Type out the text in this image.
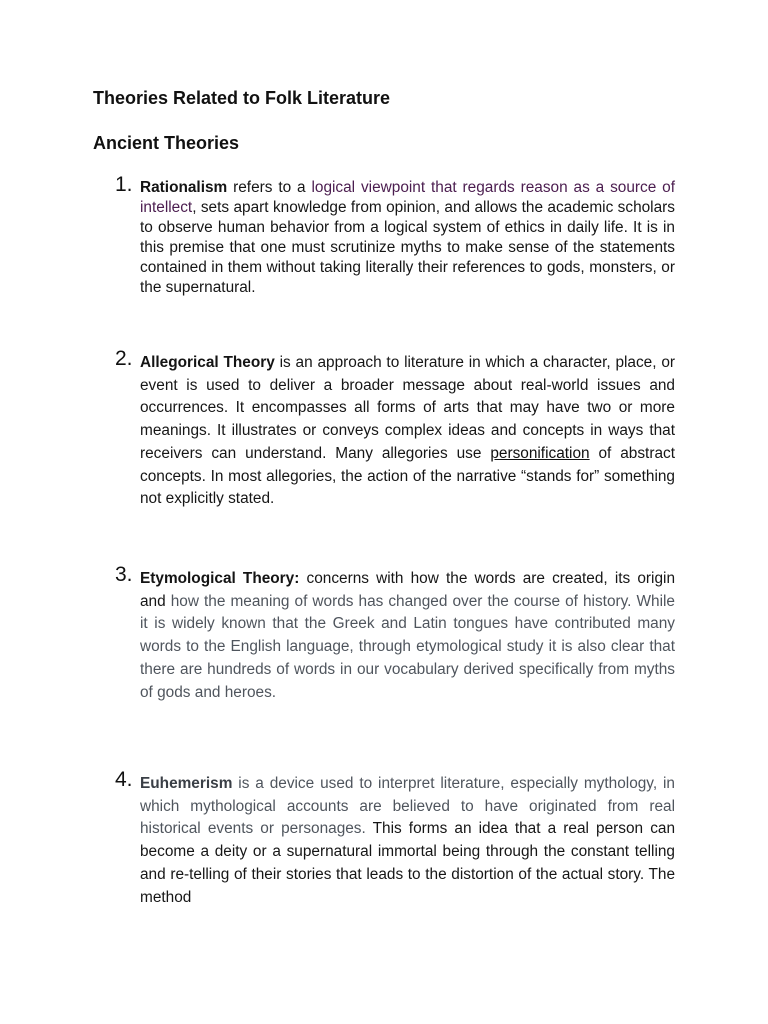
Theories Related to Folk Literature
Ancient Theories
1. Rationalism refers to a logical viewpoint that regards reason as a source of intellect, sets apart knowledge from opinion, and allows the academic scholars to observe human behavior from a logical system of ethics in daily life. It is in this premise that one must scrutinize myths to make sense of the statements contained in them without taking literally their references to gods, monsters, or the supernatural.
2. Allegorical Theory is an approach to literature in which a character, place, or event is used to deliver a broader message about real-world issues and occurrences. It encompasses all forms of arts that may have two or more meanings. It illustrates or conveys complex ideas and concepts in ways that receivers can understand. Many allegories use personification of abstract concepts. In most allegories, the action of the narrative “stands for” something not explicitly stated.
3. Etymological Theory: concerns with how the words are created, its origin and how the meaning of words has changed over the course of history. While it is widely known that the Greek and Latin tongues have contributed many words to the English language, through etymological study it is also clear that there are hundreds of words in our vocabulary derived specifically from myths of gods and heroes.
4. Euhemerism is a device used to interpret literature, especially mythology, in which mythological accounts are believed to have originated from real historical events or personages. This forms an idea that a real person can become a deity or a supernatural immortal being through the constant telling and re-telling of their stories that leads to the distortion of the actual story. The method
